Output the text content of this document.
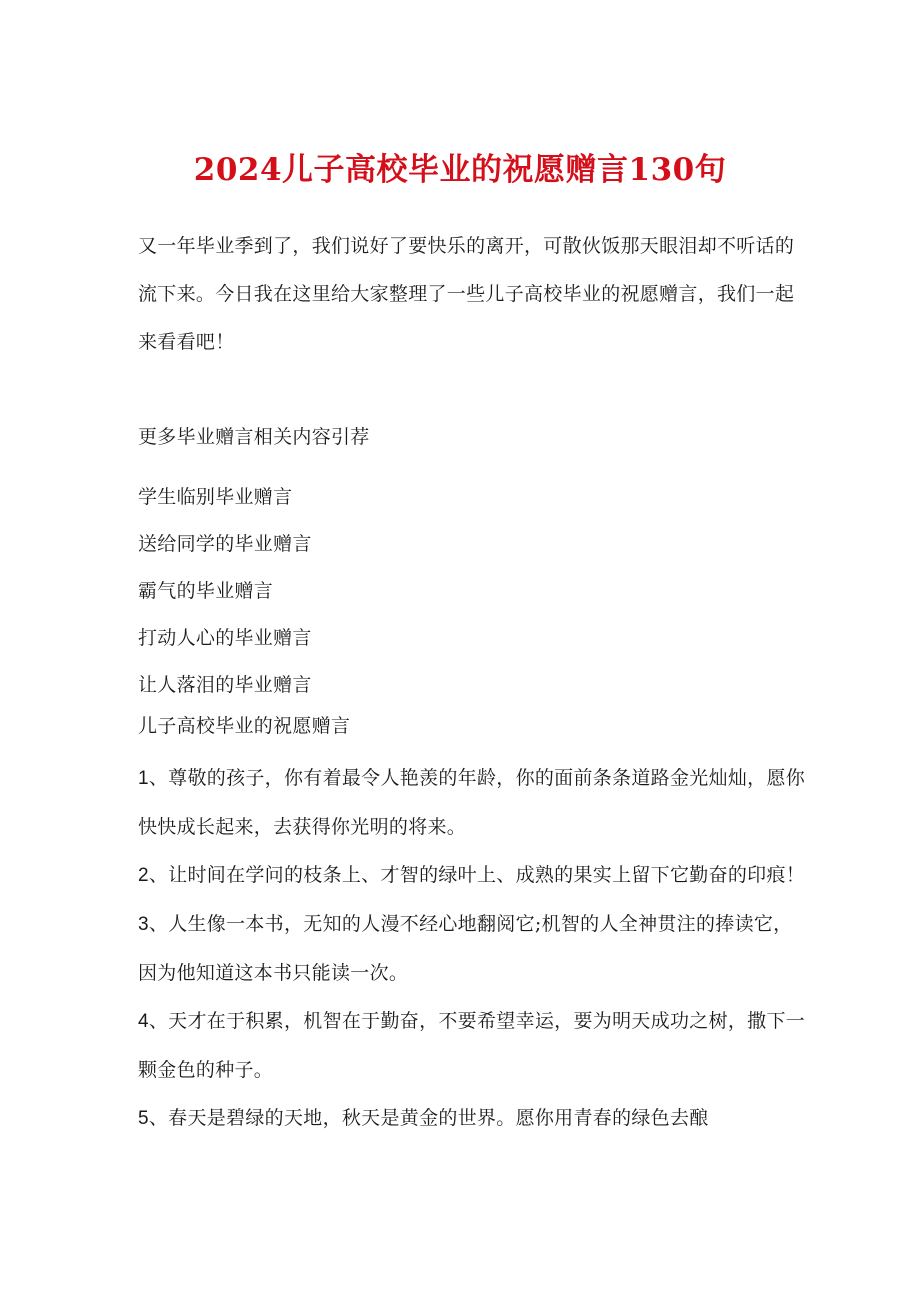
2024儿子高校毕业的祝愿赠言130句
又一年毕业季到了，我们说好了要快乐的离开，可散伙饭那天眼泪却不听话的流下来。今日我在这里给大家整理了一些儿子高校毕业的祝愿赠言，我们一起来看看吧！
更多毕业赠言相关内容引荐
学生临别毕业赠言
送给同学的毕业赠言
霸气的毕业赠言
打动人心的毕业赠言
让人落泪的毕业赠言
儿子高校毕业的祝愿赠言
1、尊敬的孩子，你有着最令人艳羡的年龄，你的面前条条道路金光灿灿，愿你快快成长起来，去获得你光明的将来。
2、让时间在学问的枝条上、才智的绿叶上、成熟的果实上留下它勤奋的印痕！
3、人生像一本书，无知的人漫不经心地翻阅它;机智的人全神贯注的捧读它，因为他知道这本书只能读一次。
4、天才在于积累，机智在于勤奋，不要希望幸运，要为明天成功之树，撒下一颗金色的种子。
5、春天是碧绿的天地，秋天是黄金的世界。愿你用青春的绿色去酿
